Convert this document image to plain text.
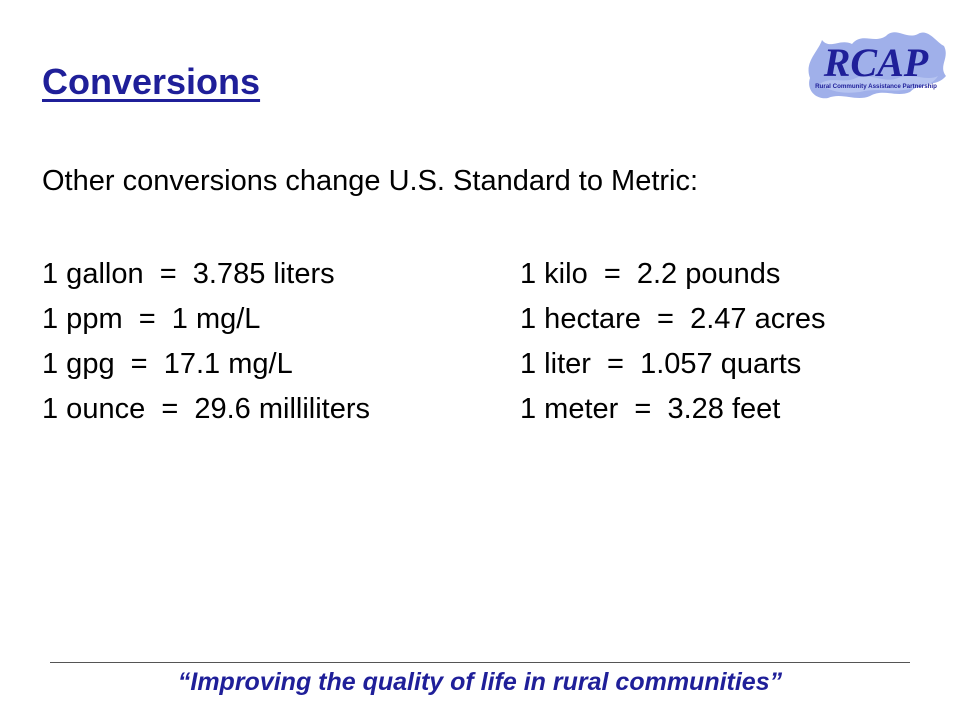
Conversions	RCAP
Rural Community Assistance Partnership

Other conversions change U.S. Standard to Metric:

1 gallon  =  3.785 liters
1 ppm  =  1 mg/L
1 gpg  =  17.1 mg/L
1 ounce  =  29.6 milliliters
1 kilo  =  2.2 pounds
1 hectare  =  2.47 acres
1 liter  =  1.057 quarts
1 meter  =  3.28 feet
“Improving the quality of life in rural communities”
